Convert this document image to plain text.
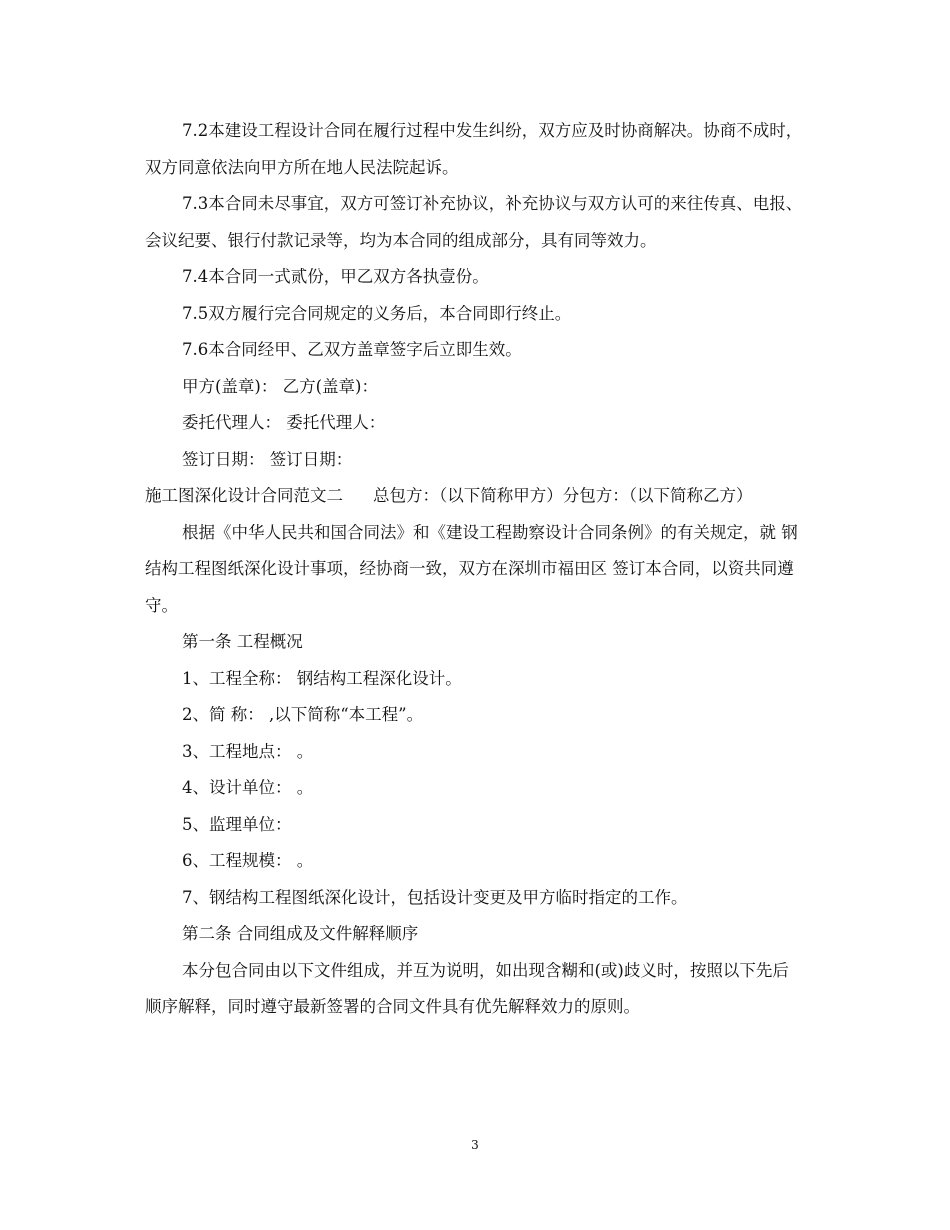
7.2本建设工程设计合同在履行过程中发生纠纷，双方应及时协商解决。协商不成时，双方同意依法向甲方所在地人民法院起诉。

7.3本合同未尽事宜，双方可签订补充协议，补充协议与双方认可的来往传真、电报、会议纪要、银行付款记录等，均为本合同的组成部分，具有同等效力。

7.4本合同一式贰份，甲乙双方各执壹份。

7.5双方履行完合同规定的义务后，本合同即行终止。

7.6本合同经甲、乙双方盖章签字后立即生效。

甲方(盖章)： 乙方(盖章)：

委托代理人： 委托代理人：

签订日期： 签订日期：

施工图深化设计合同范文二 总包方：（以下简称甲方）分包方：（以下简称乙方）

根据《中华人民共和国合同法》和《建设工程勘察设计合同条例》的有关规定，就 钢结构工程图纸深化设计事项，经协商一致，双方在深圳市福田区 签订本合同，以资共同遵守。

第一条 工程概况

1、工程全称： 钢结构工程深化设计。

2、简 称： ,以下简称“本工程”。

3、工程地点： 。

4、设计单位： 。

5、监理单位：

6、工程规模： 。

7、钢结构工程图纸深化设计，包括设计变更及甲方临时指定的工作。

第二条 合同组成及文件解释顺序

本分包合同由以下文件组成，并互为说明，如出现含糊和(或)歧义时，按照以下先后顺序解释，同时遵守最新签署的合同文件具有优先解释效力的原则。

3
